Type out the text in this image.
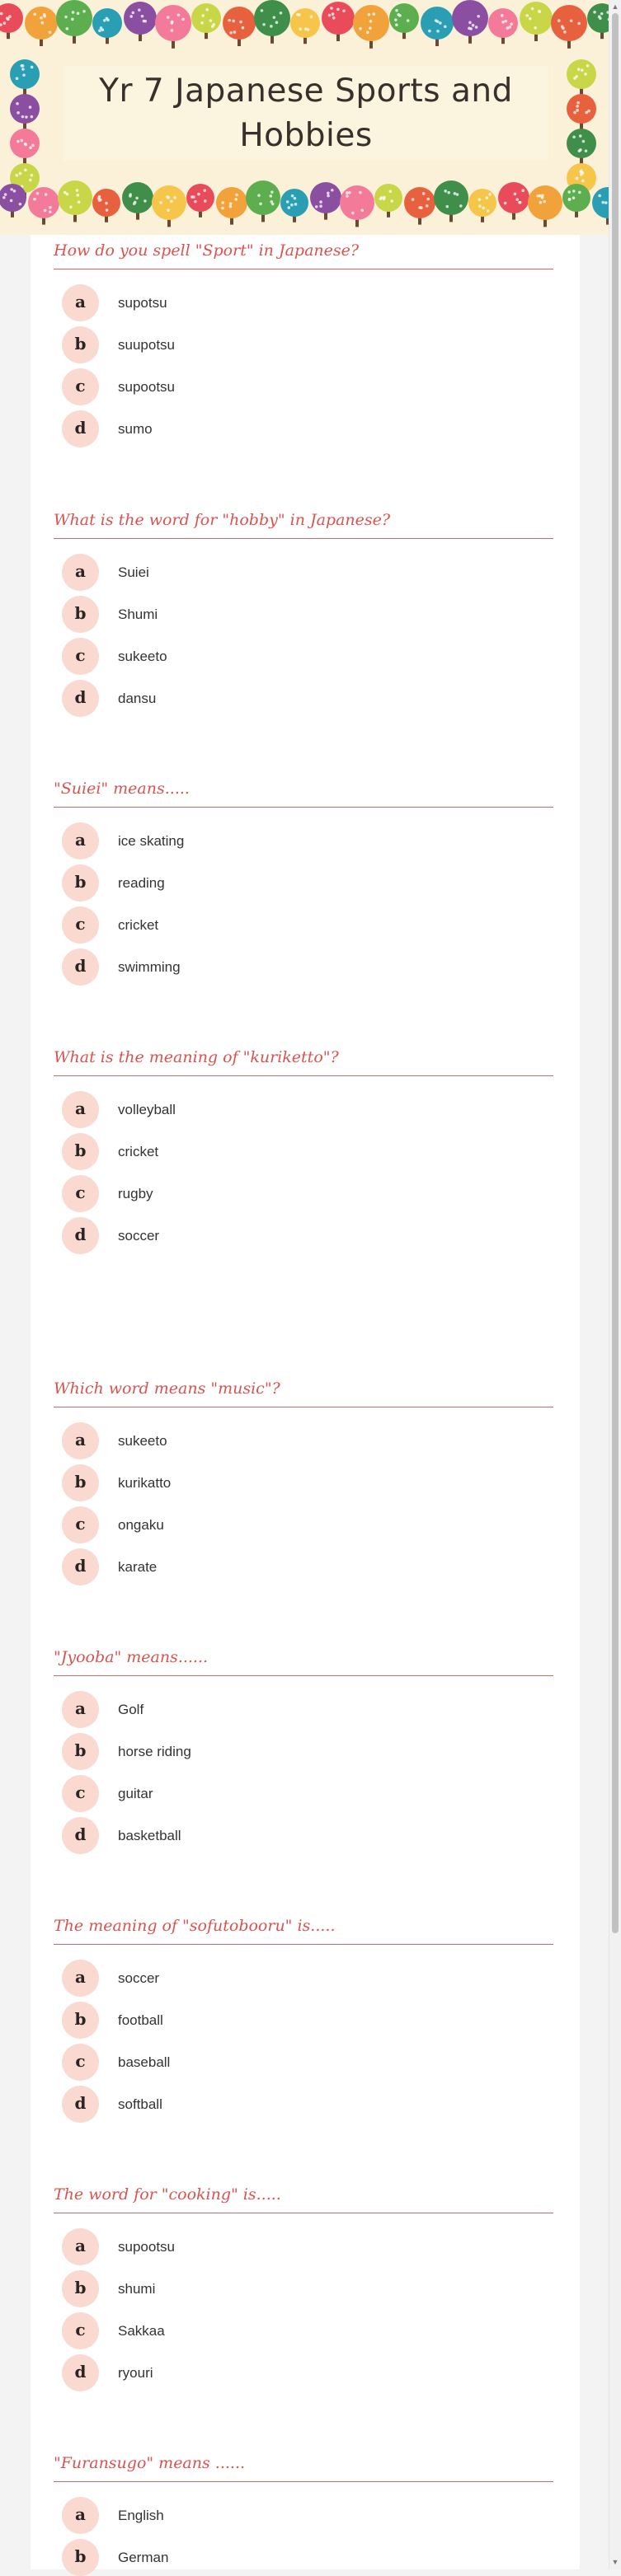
Yr 7 Japanese Sports and
Hobbies
How do you spell "Sport" in Japanese?
a	supotsu
b	suupotsu
c	supootsu
d	sumo
What is the word for "hobby" in Japanese?
a	Suiei
b	Shumi
c	sukeeto
d	dansu
"Suiei" means.....
a	ice skating
b	reading
c	cricket
d	swimming
What is the meaning of "kuriketto"?
a	volleyball
b	cricket
c	rugby
d	soccer
Which word means "music"?
a	sukeeto
b	kurikatto
c	ongaku
d	karate
"Jyooba" means......
a	Golf
b	horse riding
c	guitar
d	basketball
The meaning of "sofutobooru" is.....
a	soccer
b	football
c	baseball
d	softball
The word for "cooking" is.....
a	supootsu
b	shumi
c	Sakkaa
d	ryouri
"Furansugo" means ......
a	English
b	German
▲
▼
